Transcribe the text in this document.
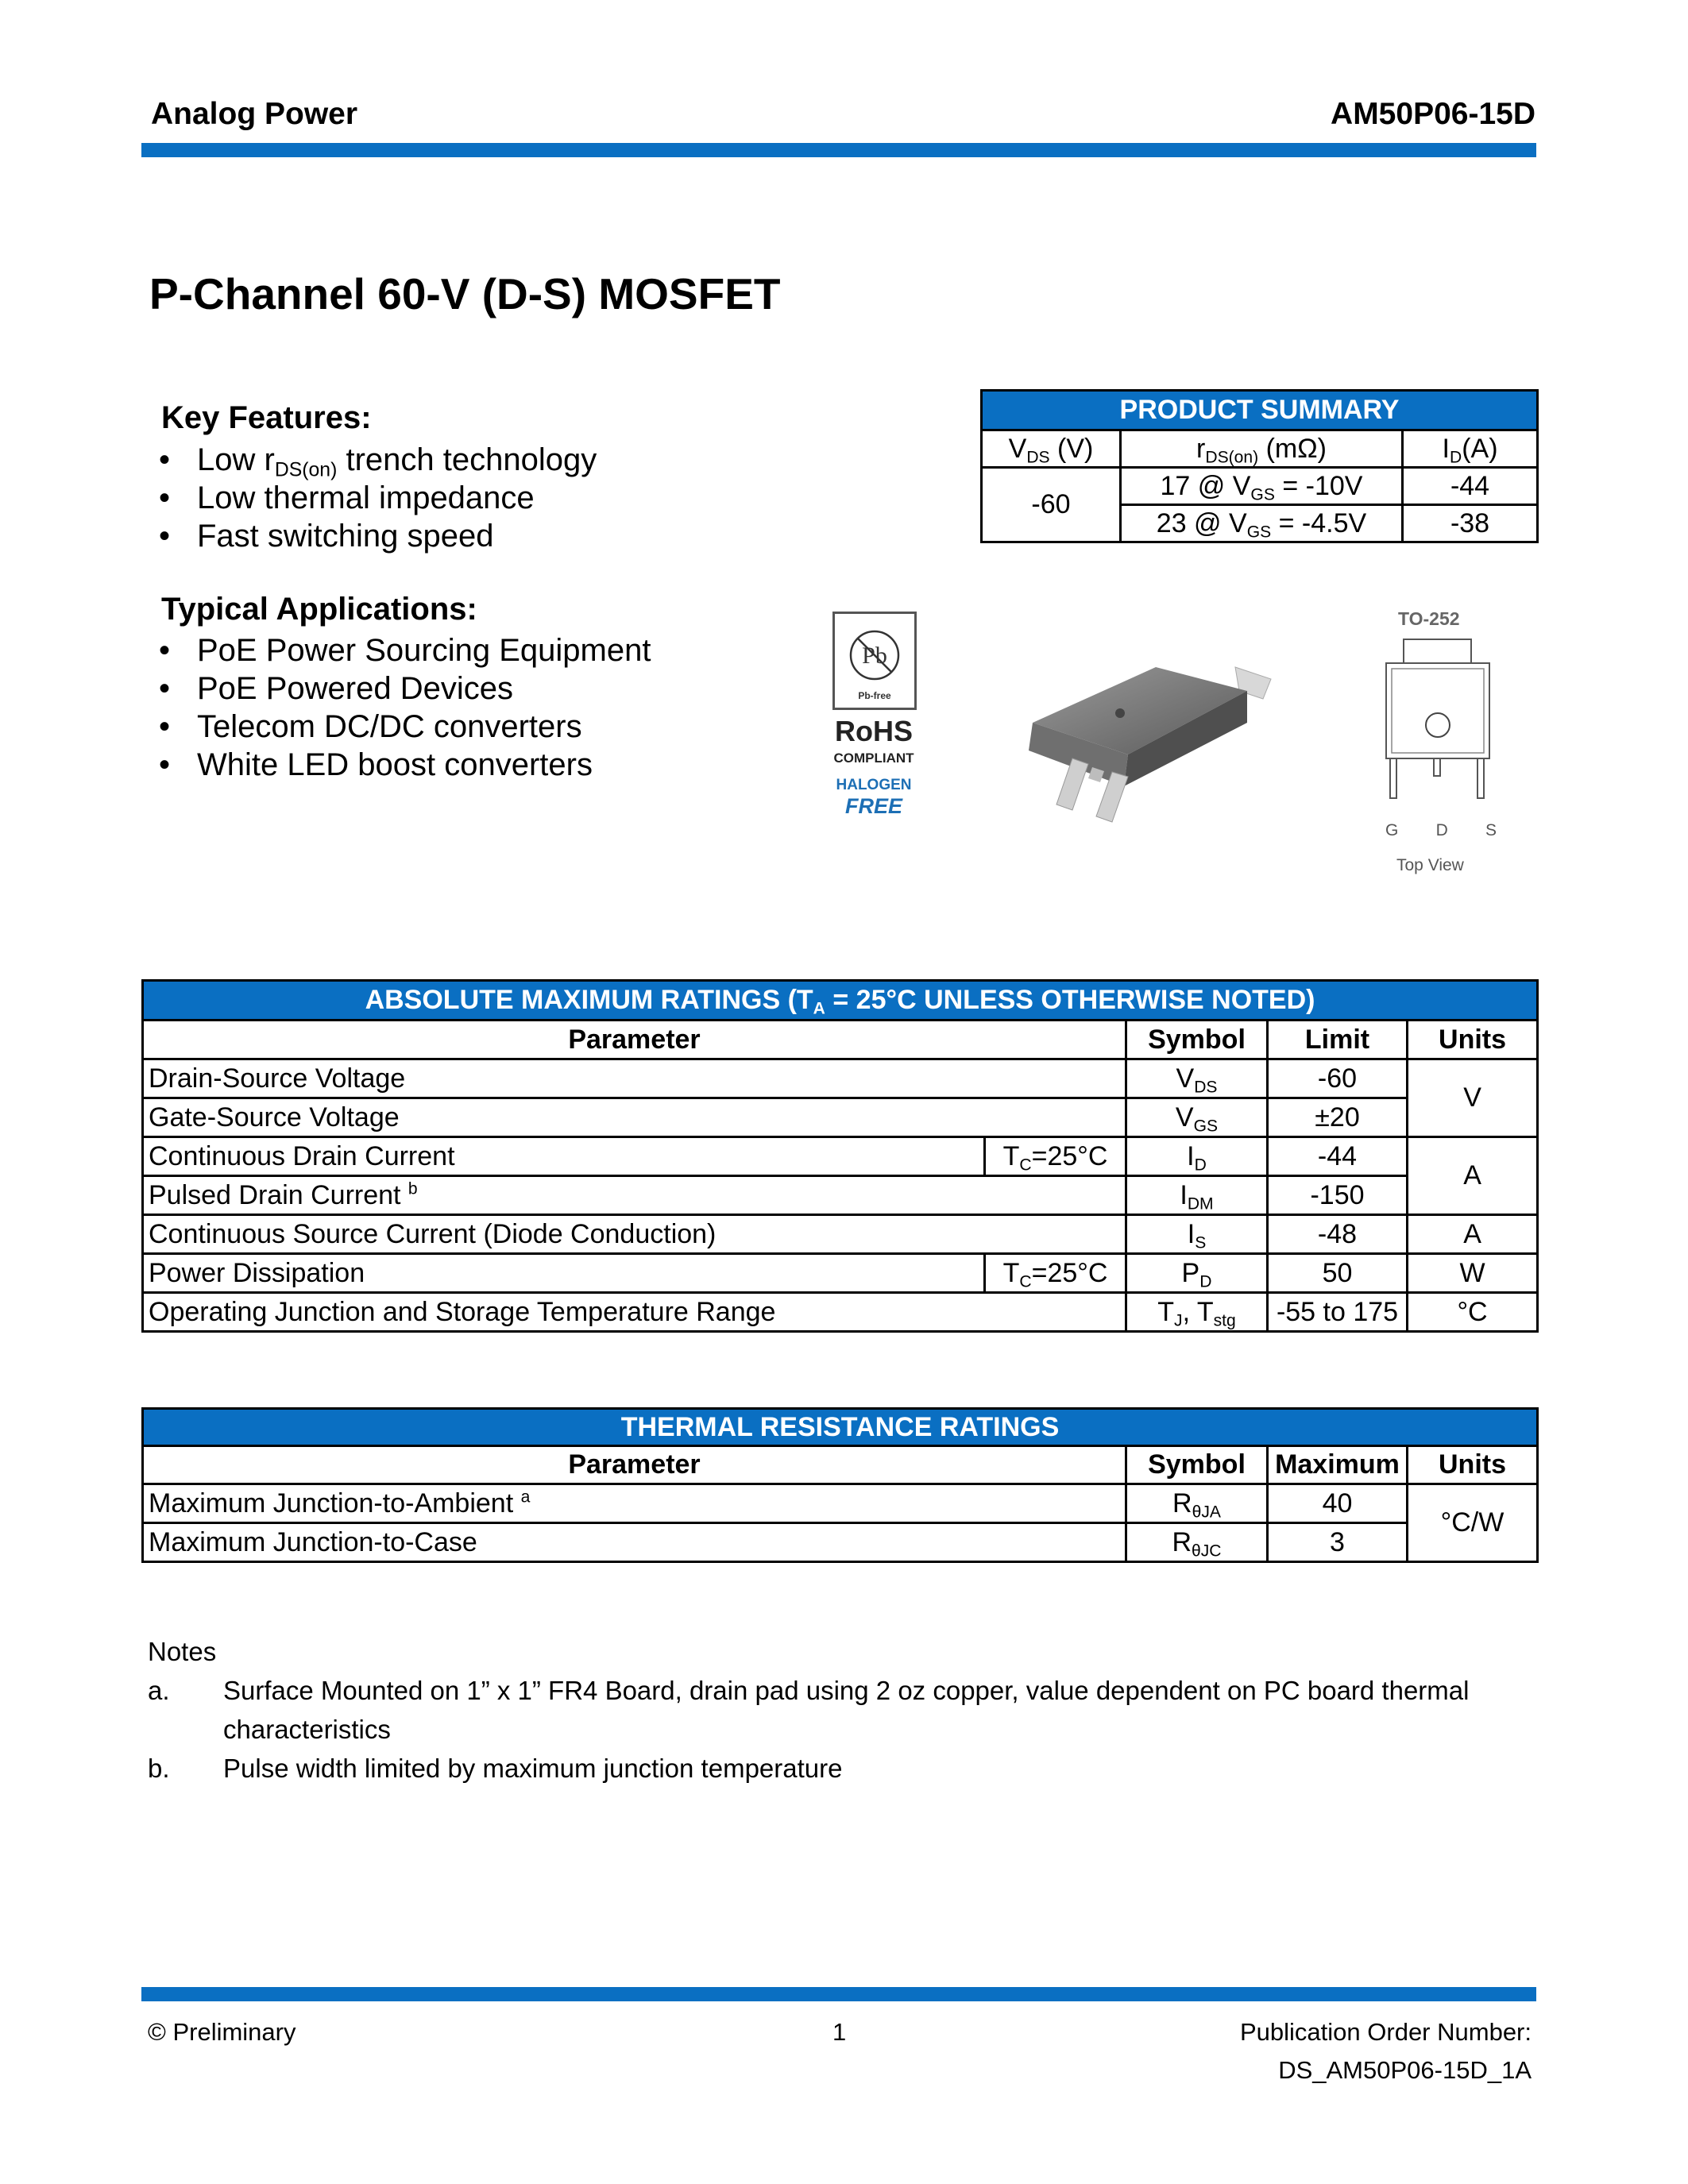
Analog Power	AM50P06-15D
P-Channel 60-V (D-S) MOSFET
Key Features:
• Low $r_{DS(on)}$ trench technology
• Low thermal impedance
• Fast switching speed
Typical Applications:
• PoE Power Sourcing Equipment
• PoE Powered Devices
• Telecom DC/DC converters
• White LED boost converters
PRODUCT SUMMARY		
$V_{DS}$ (V)	$r_{DS(on)}$ (mΩ)	$I_D(A)$
-60	17 @ $V_{GS} = -10V$	-44
	23 @ $V_{GS} = -4.5V$	-38
Pb
Pb-free
RoHS
COMPLIANT
HALOGEN
FREE
TO-252
G D S
Top View
ABSOLUTE MAXIMUM RATINGS ($T_A = 25^\circ C$ UNLESS OTHERWISE NOTED)				
Parameter		Symbol	Limit	Units
Drain-Source Voltage		$V_{DS}$	-60	V
Gate-Source Voltage		$V_{GS}$	±20	
Continuous Drain Current	$T_C=25^\circ C$	$I_D$	-44	A
Pulsed Drain Current $^b$		$I_{DM}$	-150	
Continuous Source Current (Diode Conduction)		$I_S$	-48	A
Power Dissipation	$T_C=25^\circ C$	$P_D$	50	W
Operating Junction and Storage Temperature Range		$T_J$, $T_{stg}$	-55 to 175	°C
THERMAL RESISTANCE RATINGS			
Parameter	Symbol	Maximum	Units
Maximum Junction-to-Ambient $^a$	$R_{\theta JA}$	40	°C/W
Maximum Junction-to-Case	$R_{\theta JC}$	3	
Notes
a. Surface Mounted on 1” x 1” FR4 Board, drain pad using 2 oz copper, value dependent on PC board thermal
characteristics
b. Pulse width limited by maximum junction temperature
© Preliminary	1	Publication Order Number:
DS_AM50P06-15D_1A
